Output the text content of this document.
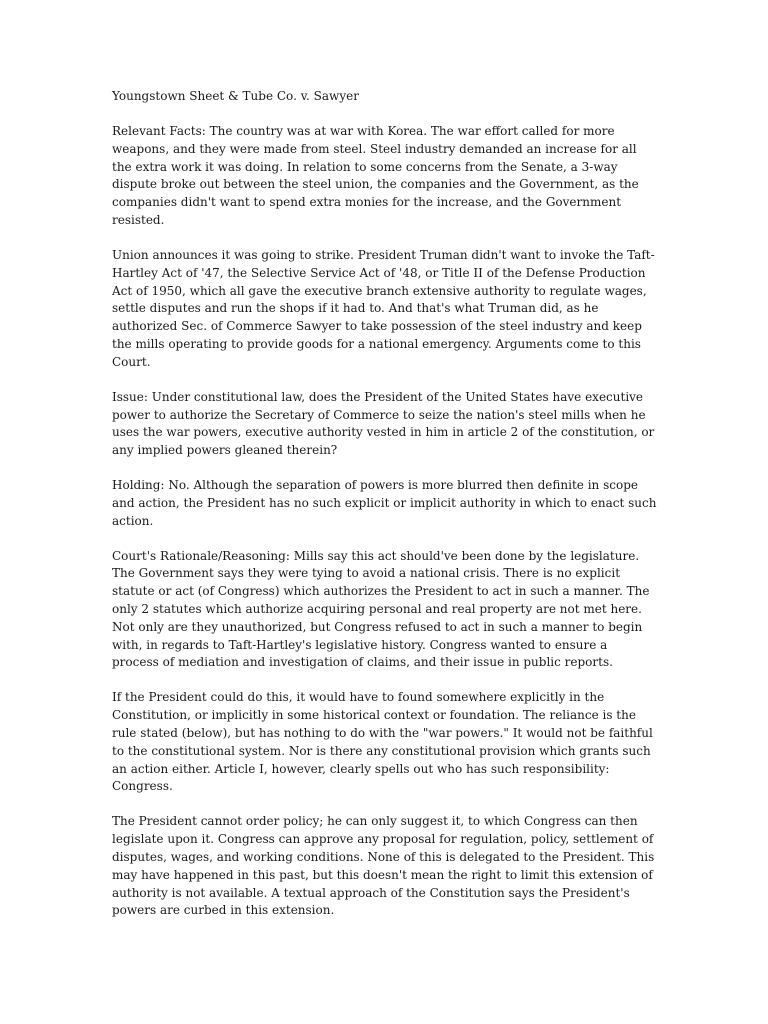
Youngstown Sheet & Tube Co. v. Sawyer

Relevant Facts: The country was at war with Korea. The war effort called for more weapons, and they were made from steel. Steel industry demanded an increase for all the extra work it was doing. In relation to some concerns from the Senate, a 3-way dispute broke out between the steel union, the companies and the Government, as the companies didn't want to spend extra monies for the increase, and the Government resisted.

Union announces it was going to strike. President Truman didn't want to invoke the Taft-Hartley Act of '47, the Selective Service Act of '48, or Title II of the Defense Production Act of 1950, which all gave the executive branch extensive authority to regulate wages, settle disputes and run the shops if it had to. And that's what Truman did, as he authorized Sec. of Commerce Sawyer to take possession of the steel industry and keep the mills operating to provide goods for a national emergency. Arguments come to this Court.

Issue: Under constitutional law, does the President of the United States have executive power to authorize the Secretary of Commerce to seize the nation's steel mills when he uses the war powers, executive authority vested in him in article 2 of the constitution, or any implied powers gleaned therein?

Holding: No. Although the separation of powers is more blurred then definite in scope and action, the President has no such explicit or implicit authority in which to enact such action.

Court's Rationale/Reasoning: Mills say this act should've been done by the legislature. The Government says they were tying to avoid a national crisis. There is no explicit statute or act (of Congress) which authorizes the President to act in such a manner. The only 2 statutes which authorize acquiring personal and real property are not met here. Not only are they unauthorized, but Congress refused to act in such a manner to begin with, in regards to Taft-Hartley's legislative history. Congress wanted to ensure a process of mediation and investigation of claims, and their issue in public reports.

If the President could do this, it would have to found somewhere explicitly in the Constitution, or implicitly in some historical context or foundation. The reliance is the rule stated (below), but has nothing to do with the "war powers." It would not be faithful to the constitutional system. Nor is there any constitutional provision which grants such an action either. Article I, however, clearly spells out who has such responsibility: Congress.

The President cannot order policy; he can only suggest it, to which Congress can then legislate upon it. Congress can approve any proposal for regulation, policy, settlement of disputes, wages, and working conditions. None of this is delegated to the President. This may have happened in this past, but this doesn't mean the right to limit this extension of authority is not available. A textual approach of the Constitution says the President's powers are curbed in this extension.
